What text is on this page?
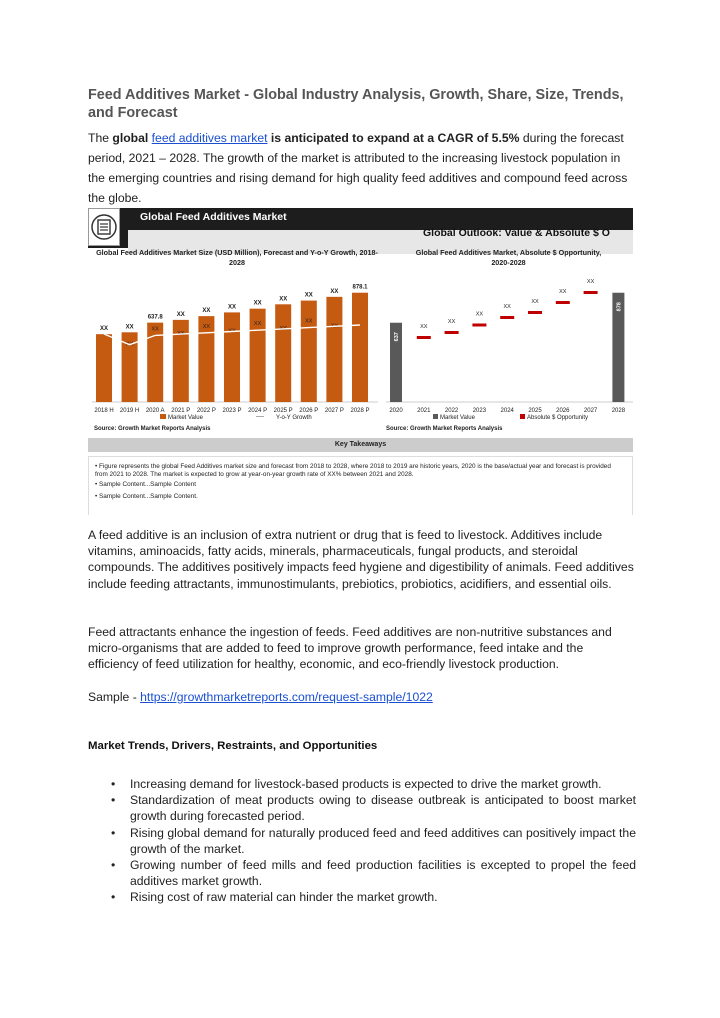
Feed Additives Market - Global Industry Analysis, Growth, Share, Size, Trends, and Forecast
The global feed additives market is anticipated to expand at a CAGR of 5.5% during the forecast period, 2021 – 2028. The growth of the market is attributed to the increasing livestock population in the emerging countries and rising demand for high quality feed additives and compound feed across the globe.
Global Feed Additives Market
Global Outlook: Value & Absolute $ O
Global Feed Additives Market Size (USD Million), Forecast and Y-o-Y Growth, 2018-
2028
Global Feed Additives Market, Absolute $ Opportunity,
2020-2028
XX
2018 H
XX
2019 H
XX
637.8
2020 A
XX
XX
2021 P
XX
XX
2022 P
XX
XX
2023 P
XX
XX
2024 P
XX
XX
2025 P
XX
XX
2026 P
XX
XX
2027 P
XX
878.1
2028 P
Market Value	Y-o-Y Growth
2020
637
2021
XX
2022
XX
2023
XX
2024
XX
2025
XX
2026
XX
2027
XX
2028
878
Market Value	Absolute $ Opportunity
Source: Growth Market Reports Analysis	Source: Growth Market Reports Analysis
Key Takeaways
• Figure represents the global Feed Additives market size and forecast from 2018 to 2028, where 2018 to 2019 are historic years, 2020 is the base/actual year and forecast is provided from 2021 to 2028. The market is expected to grow at year-on-year growth rate of XX% between 2021 and 2028.
• Sample Content...Sample Content
• Sample Content...Sample Content.
A feed additive is an inclusion of extra nutrient or drug that is feed to livestock. Additives include vitamins, aminoacids, fatty acids, minerals, pharmaceuticals, fungal products, and steroidal compounds. The additives positively impacts feed hygiene and digestibility of animals. Feed additives include feeding attractants, immunostimulants, prebiotics, probiotics, acidifiers, and essential oils.
Feed attractants enhance the ingestion of feeds. Feed additives are non-nutritive substances and micro-organisms that are added to feed to improve growth performance, feed intake and the efficiency of feed utilization for healthy, economic, and eco-friendly livestock production.
Sample - https://growthmarketreports.com/request-sample/1022
Market Trends, Drivers, Restraints, and Opportunities
• Increasing demand for livestock-based products is expected to drive the market growth.
• Standardization of meat products owing to disease outbreak is anticipated to boost market growth during forecasted period.
• Rising global demand for naturally produced feed and feed additives can positively impact the growth of the market.
• Growing number of feed mills and feed production facilities is excepted to propel the feed additives market growth.
• Rising cost of raw material can hinder the market growth.
